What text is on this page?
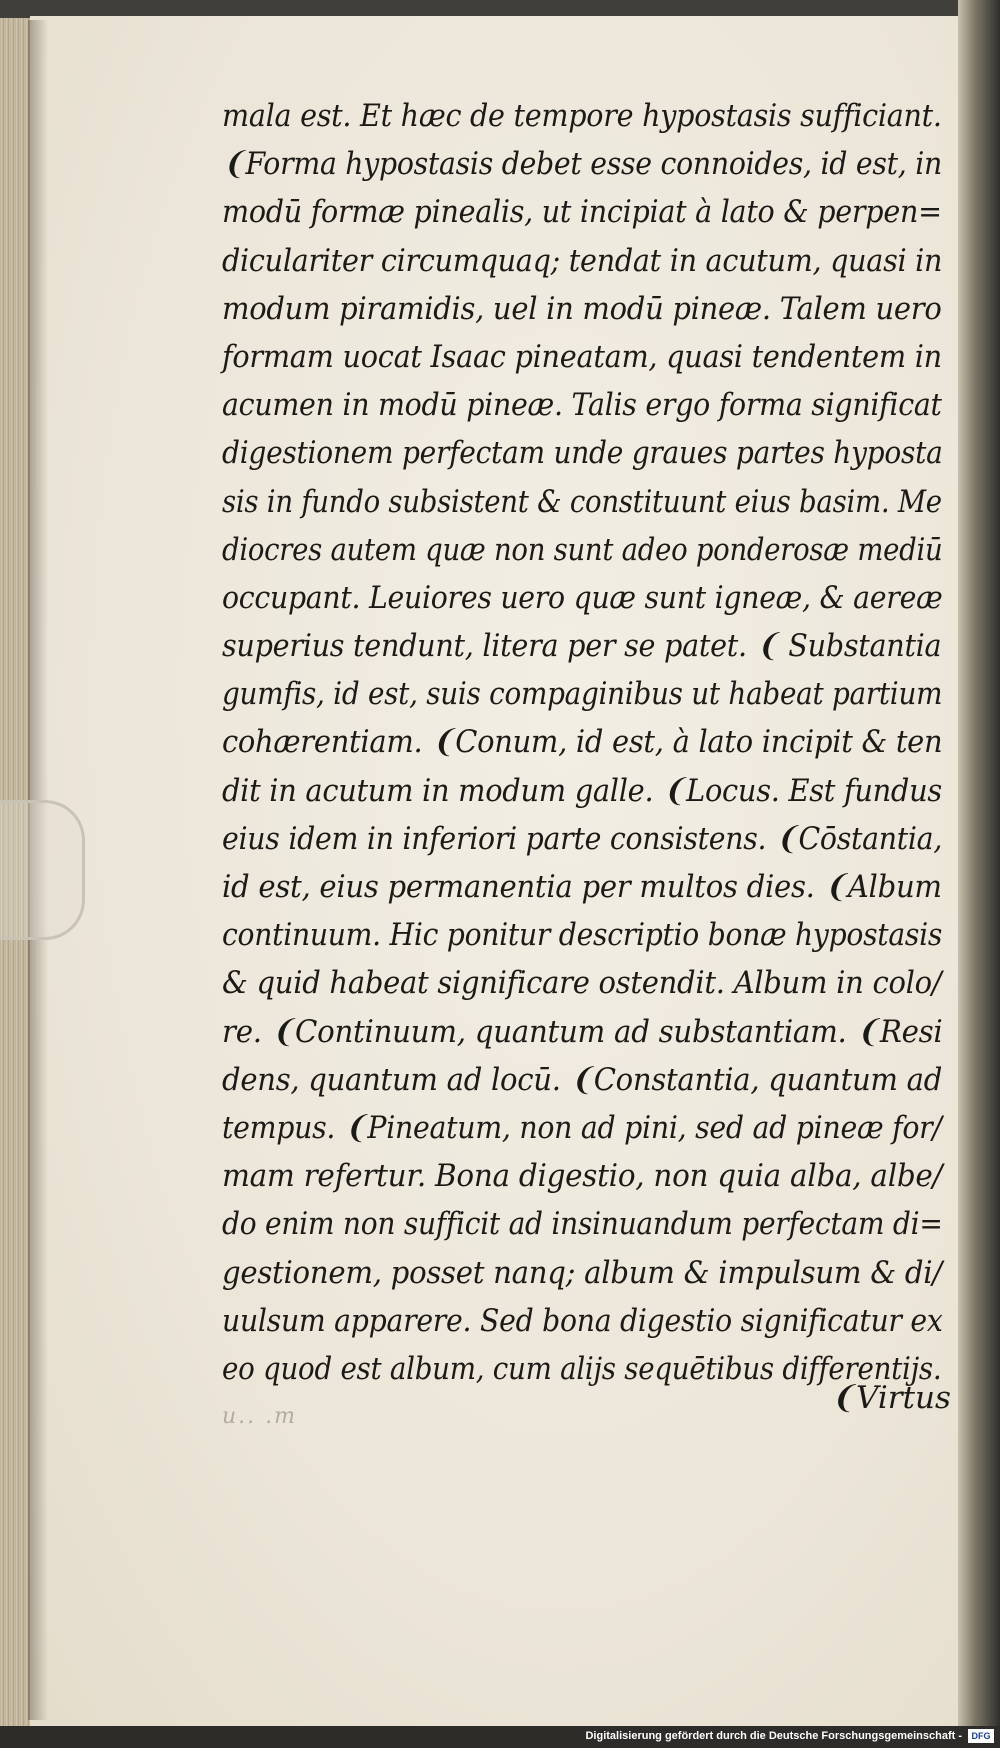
mala est. Et hæc de tempore hypostasis sufficiant.
❨Forma hypostasis debet esse connoides, id est, in
modū formæ pinealis, ut incipiat à lato & perpen=
diculariter circumquaq; tendat in acutum, quasi in
modum piramidis, uel in modū pineæ. Talem uero
formam uocat Isaac pineatam, quasi tendentem in
acumen in modū pineæ. Talis ergo forma significat
digestionem perfectam unde graues partes hyposta
sis in fundo subsistent & constituunt eius basim. Me
diocres autem quæ non sunt adeo ponderosæ mediū
occupant. Leuiores uero quæ sunt igneæ, & aereæ
superius tendunt, litera per se patet. ❨ Substantia
gumfis, id est, suis compaginibus ut habeat partium
cohærentiam. ❨Conum, id est, à lato incipit & ten
dit in acutum in modum galle. ❨Locus. Est fundus
eius idem in inferiori parte consistens. ❨Cōstantia,
id est, eius permanentia per multos dies. ❨Album
continuum. Hic ponitur descriptio bonæ hypostasis
& quid habeat significare ostendit. Album in colo/
re. ❨Continuum, quantum ad substantiam. ❨Resi
dens, quantum ad locū. ❨Constantia, quantum ad
tempus. ❨Pineatum, non ad pini, sed ad pineæ for/
mam refertur. Bona digestio, non quia alba, albe/
do enim non sufficit ad insinuandum perfectam di=
gestionem, posset nanq; album & impulsum & di/
uulsum apparere. Sed bona digestio significatur ex
eo quod est album, cum alijs sequētibus differentijs.
u.. .m
❨Virtus
Digitalisierung gefördert durch die Deutsche Forschungsgemeinschaft -	DFG
